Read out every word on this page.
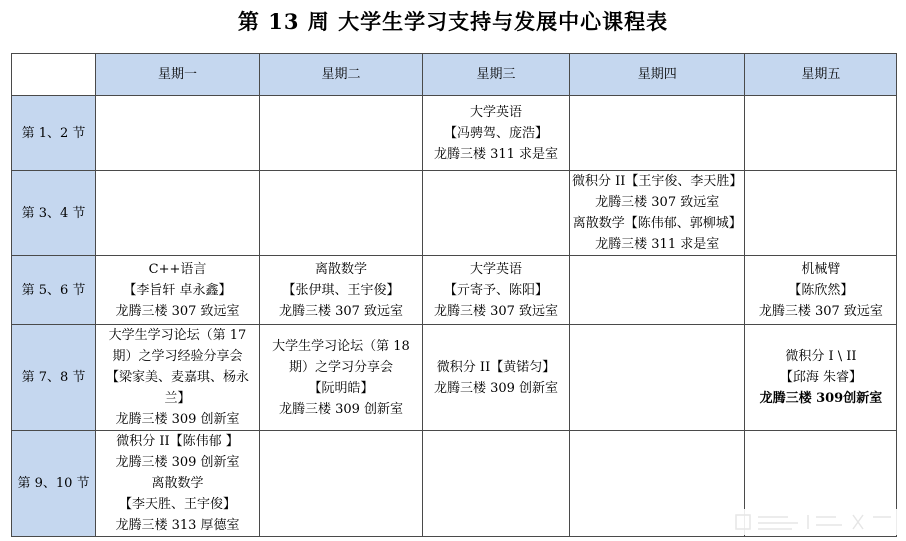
第 13 周 大学生学习支持与发展中心课程表
	星期一	星期二	星期三	星期四	星期五
第 1、2 节			大学英语
【冯骋驾、庞浩】
龙腾三楼 311 求是室		

第 3、4 节				微积分 II【王宇俊、李天胜】
龙腾三楼 307 致远室
离散数学【陈伟郁、郭柳城】
龙腾三楼 311 求是室	

第 5、6 节	C++语言
【李旨轩 卓永鑫】
龙腾三楼 307 致远室	离散数学
【张伊琪、王宇俊】
龙腾三楼 307 致远室	大学英语
【亓寄予、陈阳】
龙腾三楼 307 致远室		机械臂
【陈欣然】
龙腾三楼 307 致远室

第 7、8 节	大学生学习论坛（第 17 期）之学习经验分享会
【梁家美、麦嘉琪、杨永兰】
龙腾三楼 309 创新室	大学生学习论坛（第 18 期）之学习分享会
【阮明皓】
龙腾三楼 309 创新室	微积分 II【黄锘匀】
龙腾三楼 309 创新室		微积分 I \ II
【邱海 朱睿】
龙腾三楼 309创新室

第 9、10 节	微积分 II【陈伟郁 】
龙腾三楼 309 创新室
离散数学
【李天胜、王宇俊】
龙腾三楼 313 厚德室				
